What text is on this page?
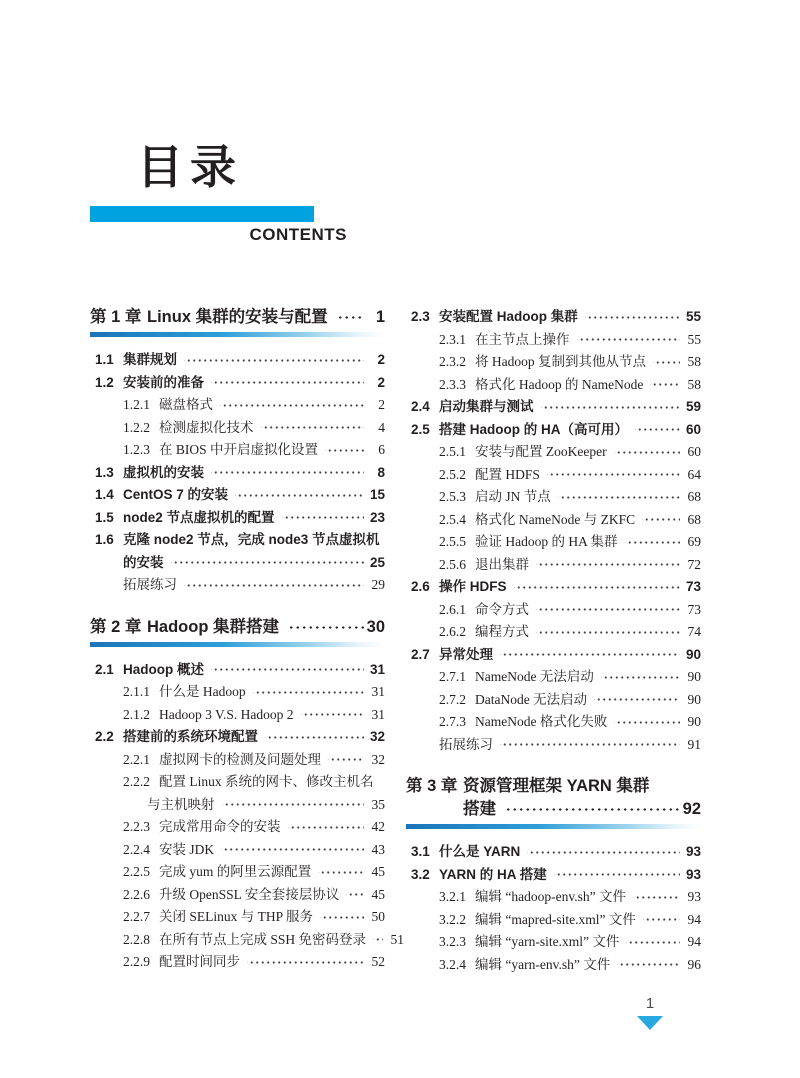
目录
CONTENTS
第 1 章 Linux 集群的安装与配置	1
1.1 集群规划	2
1.2 安装前的准备	2
1.2.1 磁盘格式	2
1.2.2 检测虚拟化技术	4
1.2.3 在 BIOS 中开启虚拟化设置	6
1.3 虚拟机的安装	8
1.4 CentOS 7 的安装	15
1.5 node2 节点虚拟机的配置	23
1.6 克隆 node2 节点，完成 node3 节点虚拟机
的安装	25
拓展练习	29
第 2 章 Hadoop 集群搭建	30
2.1 Hadoop 概述	31
2.1.1 什么是 Hadoop	31
2.1.2 Hadoop 3 V.S. Hadoop 2	31
2.2 搭建前的系统环境配置	32
2.2.1 虚拟网卡的检测及问题处理	32
2.2.2 配置 Linux 系统的网卡、修改主机名
与主机映射	35
2.2.3 完成常用命令的安装	42
2.2.4 安装 JDK	43
2.2.5 完成 yum 的阿里云源配置	45
2.2.6 升级 OpenSSL 安全套接层协议	45
2.2.7 关闭 SELinux 与 THP 服务	50
2.2.8 在所有节点上完成 SSH 免密码登录	51
2.2.9 配置时间同步	52
2.3 安装配置 Hadoop 集群	55
2.3.1 在主节点上操作	55
2.3.2 将 Hadoop 复制到其他从节点	58
2.3.3 格式化 Hadoop 的 NameNode	58
2.4 启动集群与测试	59
2.5 搭建 Hadoop 的 HA（高可用）	60
2.5.1 安装与配置 ZooKeeper	60
2.5.2 配置 HDFS	64
2.5.3 启动 JN 节点	68
2.5.4 格式化 NameNode 与 ZKFC	68
2.5.5 验证 Hadoop 的 HA 集群	69
2.5.6 退出集群	72
2.6 操作 HDFS	73
2.6.1 命令方式	73
2.6.2 编程方式	74
2.7 异常处理	90
2.7.1 NameNode 无法启动	90
2.7.2 DataNode 无法启动	90
2.7.3 NameNode 格式化失败	90
拓展练习	91
第 3 章 资源管理框架 YARN 集群
搭建	92
3.1 什么是 YARN	93
3.2 YARN 的 HA 搭建	93
3.2.1 编辑 “hadoop-env.sh” 文件	93
3.2.2 编辑 “mapred-site.xml” 文件	94
3.2.3 编辑 “yarn-site.xml” 文件	94
3.2.4 编辑 “yarn-env.sh” 文件	96
1
